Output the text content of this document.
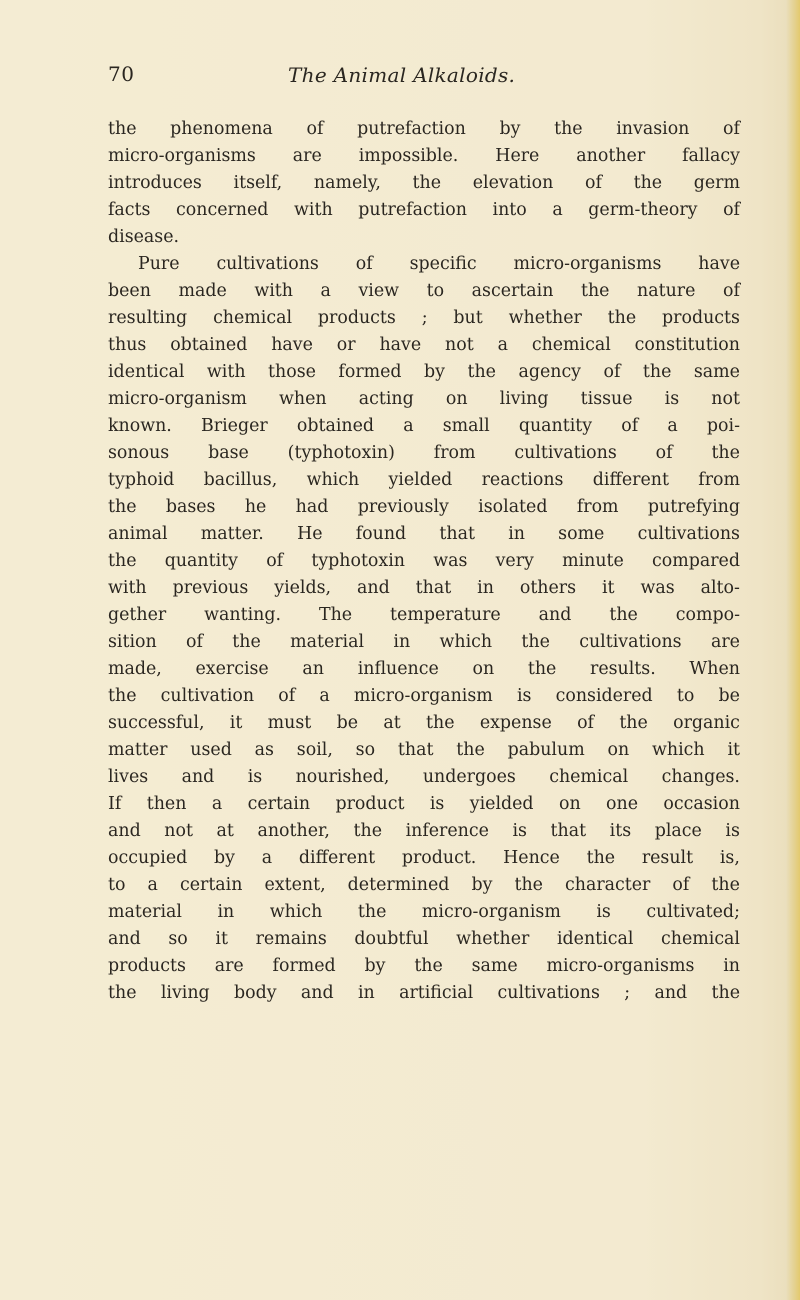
70	The Animal Alkaloids.
the phenomena of putrefaction by the invasion of
micro-organisms are impossible. Here another fallacy
introduces itself, namely, the elevation of the germ
facts concerned with putrefaction into a germ-theory of
disease.
Pure cultivations of specific micro-organisms have
been made with a view to ascertain the nature of
resulting chemical products ; but whether the products
thus obtained have or have not a chemical constitution
identical with those formed by the agency of the same
micro-organism when acting on living tissue is not
known. Brieger obtained a small quantity of a poi-
sonous base (typhotoxin) from cultivations of the
typhoid bacillus, which yielded reactions different from
the bases he had previously isolated from putrefying
animal matter. He found that in some cultivations
the quantity of typhotoxin was very minute compared
with previous yields, and that in others it was alto-
gether wanting. The temperature and the compo-
sition of the material in which the cultivations are
made, exercise an influence on the results. When
the cultivation of a micro-organism is considered to be
successful, it must be at the expense of the organic
matter used as soil, so that the pabulum on which it
lives and is nourished, undergoes chemical changes.
If then a certain product is yielded on one occasion
and not at another, the inference is that its place is
occupied by a different product. Hence the result is,
to a certain extent, determined by the character of the
material in which the micro-organism is cultivated;
and so it remains doubtful whether identical chemical
products are formed by the same micro-organisms in
the living body and in artificial cultivations ; and the
